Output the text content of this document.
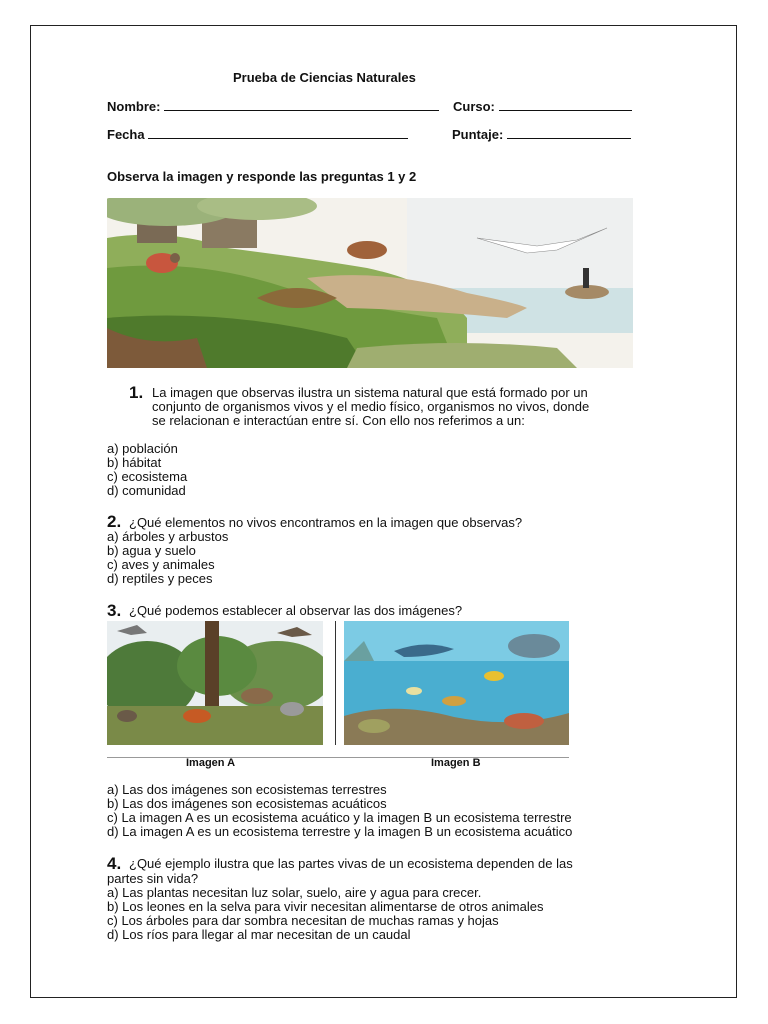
Prueba de Ciencias Naturales
Nombre:	Curso:
Fecha	Puntaje:
Observa la imagen y responde las preguntas 1 y 2
1. La imagen que observas ilustra un sistema natural que está formado por un
conjunto de organismos vivos y el medio físico, organismos no vivos, donde
se relacionan e interactúan entre sí. Con ello nos referimos a un:
a) población
b) hábitat
c) ecosistema
d) comunidad
2. ¿Qué elementos no vivos encontramos en la imagen que observas?
a) árboles y arbustos
b) agua y suelo
c) aves y animales
d) reptiles y peces
3. ¿Qué podemos establecer al observar las dos imágenes?
Imagen A	Imagen B
a) Las dos imágenes son ecosistemas terrestres
b) Las dos imágenes son ecosistemas acuáticos
c) La imagen A es un ecosistema acuático y la imagen B un ecosistema terrestre
d) La imagen A es un ecosistema terrestre y la imagen B un ecosistema acuático
4. ¿Qué ejemplo ilustra que las partes vivas de un ecosistema dependen de las
partes sin vida?
a) Las plantas necesitan luz solar, suelo, aire y agua para crecer.
b) Los leones en la selva para vivir necesitan alimentarse de otros animales
c) Los árboles para dar sombra necesitan de muchas ramas y hojas
d) Los ríos para llegar al mar necesitan de un caudal
